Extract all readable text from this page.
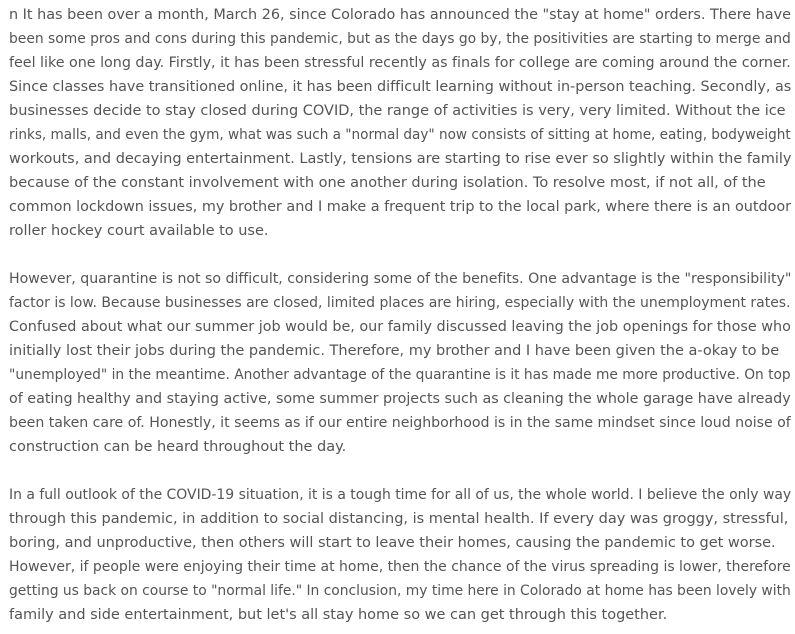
n It has been over a month, March 26, since Colorado has announced the "stay at home" orders. There have
been some pros and cons during this pandemic, but as the days go by, the positivities are starting to merge and
feel like one long day. Firstly, it has been stressful recently as finals for college are coming around the corner.
Since classes have transitioned online, it has been difficult learning without in-person teaching. Secondly, as
businesses decide to stay closed during COVID, the range of activities is very, very limited. Without the ice
rinks, malls, and even the gym, what was such a "normal day" now consists of sitting at home, eating, bodyweight
workouts, and decaying entertainment. Lastly, tensions are starting to rise ever so slightly within the family
because of the constant involvement with one another during isolation. To resolve most, if not all, of the
common lockdown issues, my brother and I make a frequent trip to the local park, where there is an outdoor
roller hockey court available to use.

However, quarantine is not so difficult, considering some of the benefits. One advantage is the "responsibility"
factor is low. Because businesses are closed, limited places are hiring, especially with the unemployment rates.
Confused about what our summer job would be, our family discussed leaving the job openings for those who
initially lost their jobs during the pandemic. Therefore, my brother and I have been given the a-okay to be
"unemployed" in the meantime. Another advantage of the quarantine is it has made me more productive. On top
of eating healthy and staying active, some summer projects such as cleaning the whole garage have already
been taken care of. Honestly, it seems as if our entire neighborhood is in the same mindset since loud noise of
construction can be heard throughout the day.

In a full outlook of the COVID-19 situation, it is a tough time for all of us, the whole world. I believe the only way
through this pandemic, in addition to social distancing, is mental health. If every day was groggy, stressful,
boring, and unproductive, then others will start to leave their homes, causing the pandemic to get worse.
However, if people were enjoying their time at home, then the chance of the virus spreading is lower, therefore
getting us back on course to "normal life." In conclusion, my time here in Colorado at home has been lovely with
family and side entertainment, but let's all stay home so we can get through this together.
